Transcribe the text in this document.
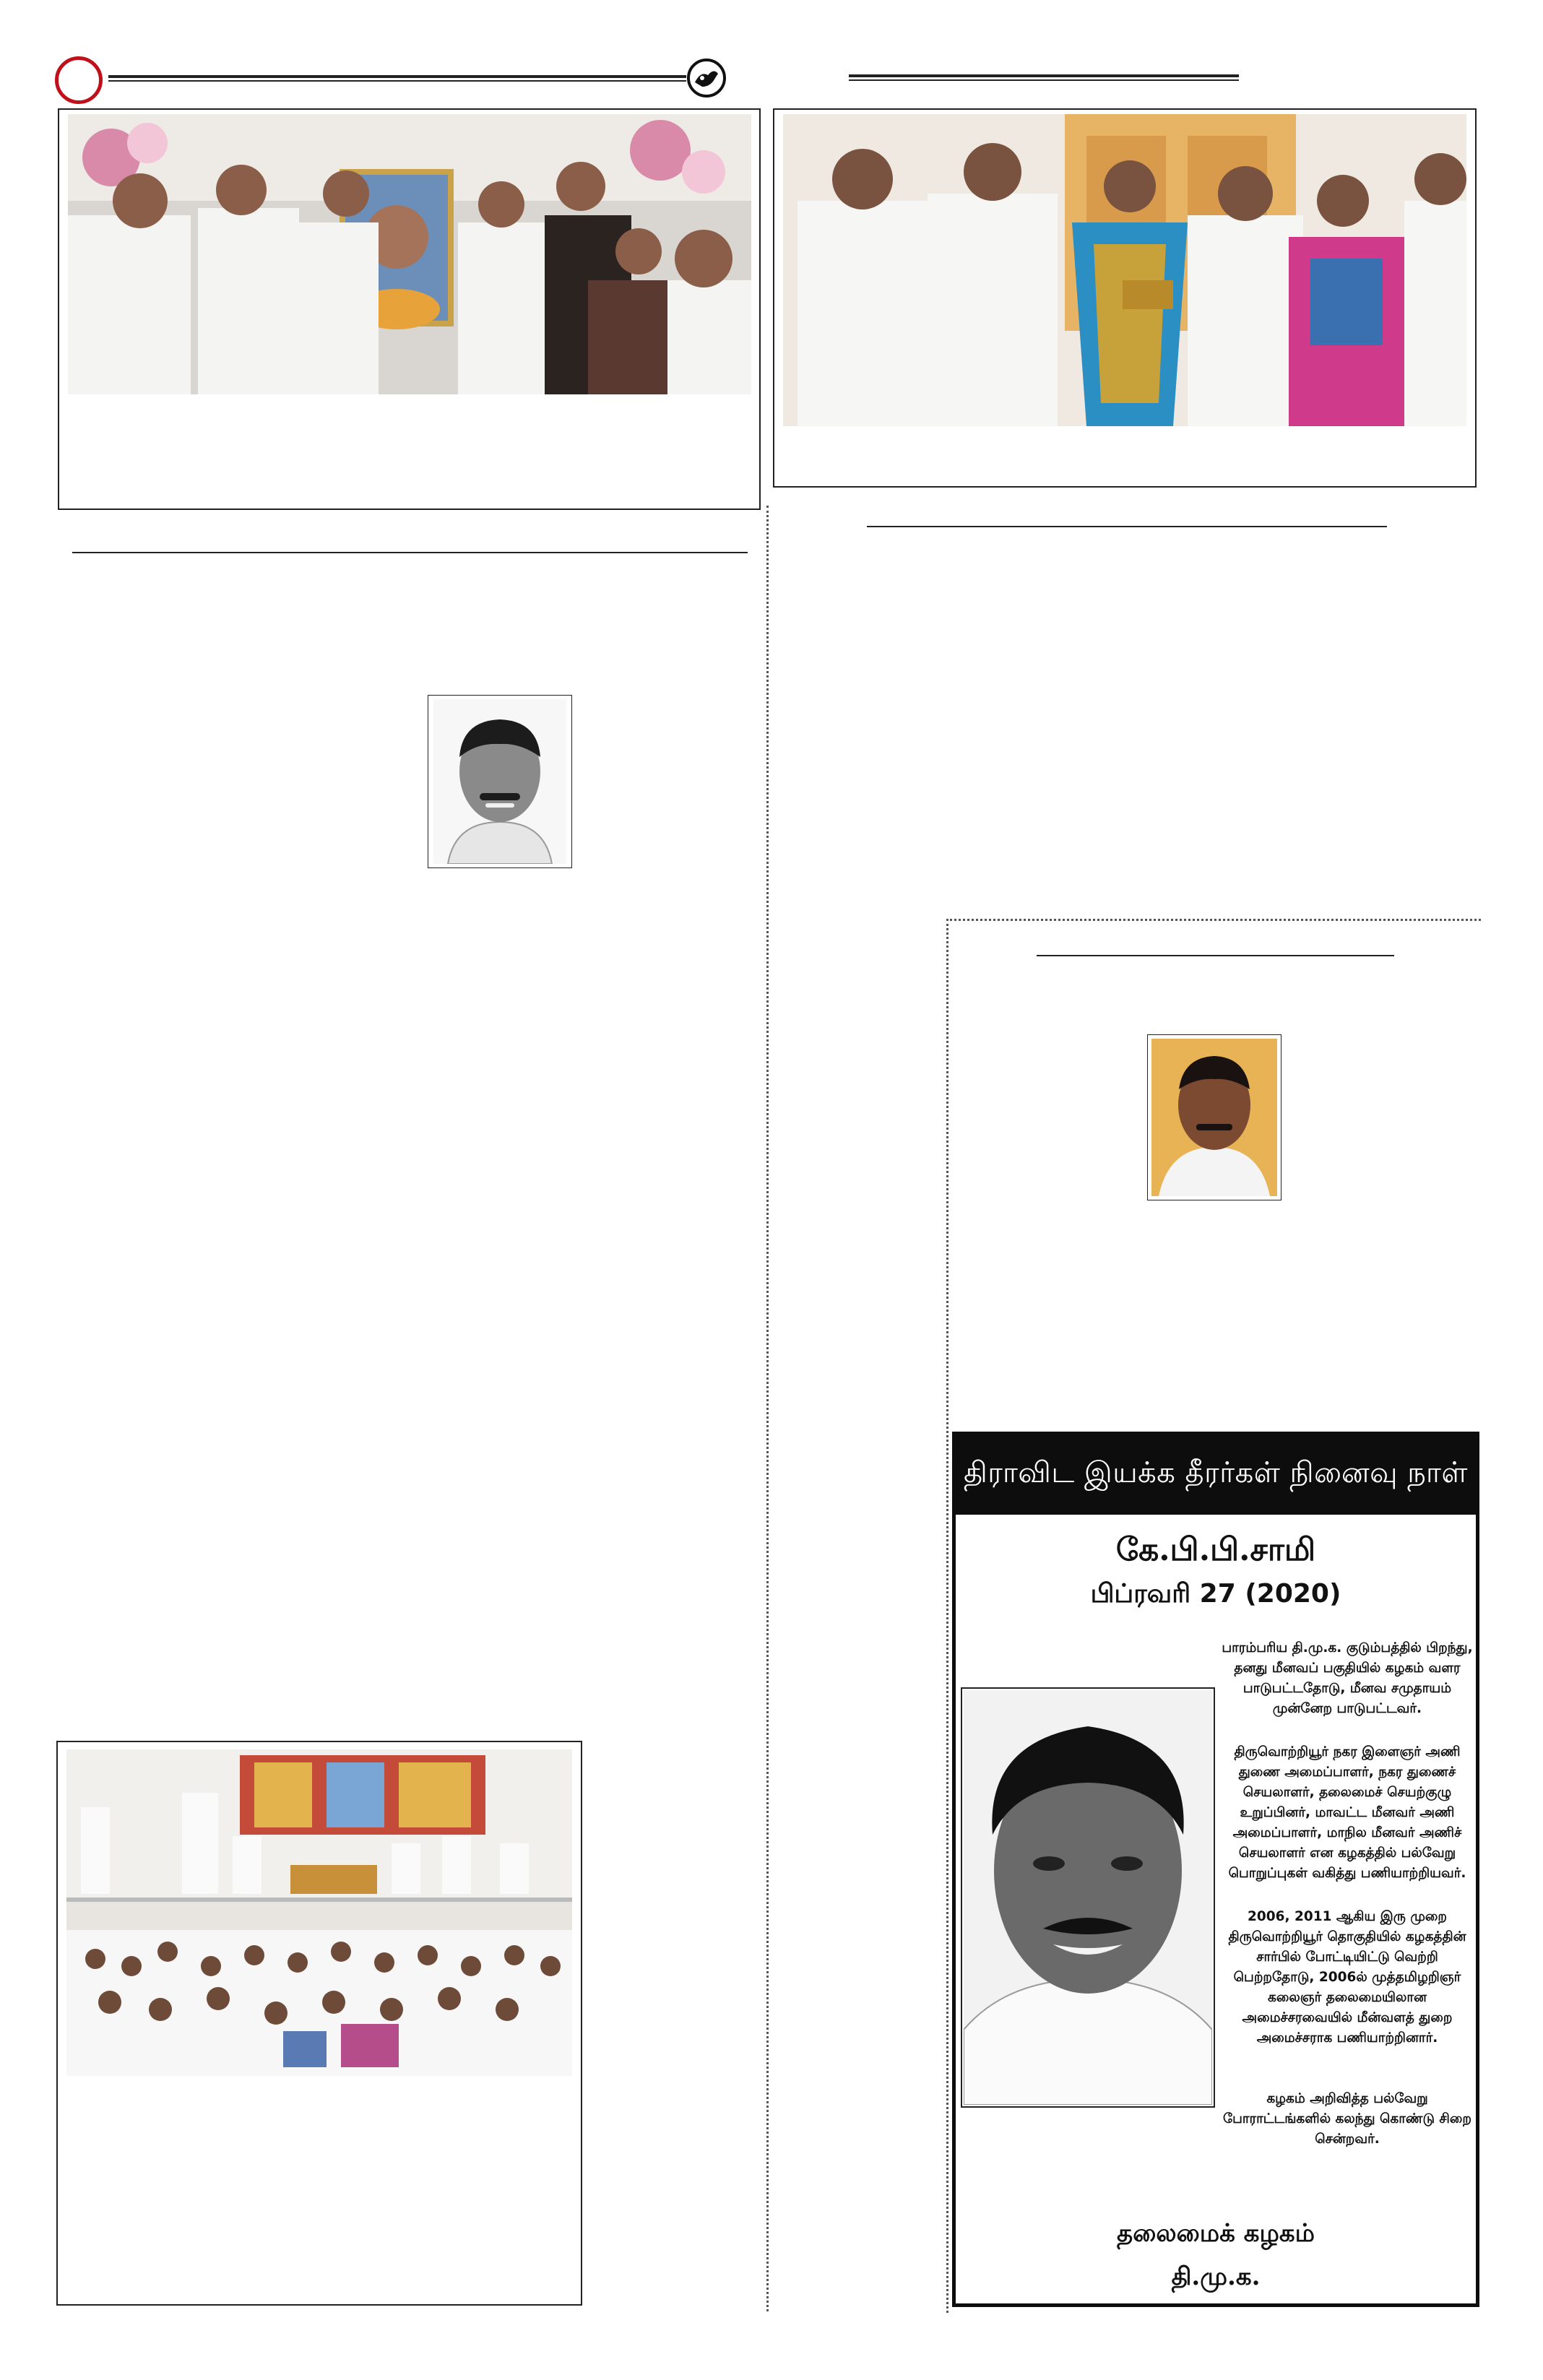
திராவிட இயக்க தீரர்கள் நினைவு நாள்
கே.பி.பி.சாமி
பிப்ரவரி 27 (2020)
பாரம்பரிய தி.மு.க. குடும்பத்தில் பிறந்து, தனது மீனவப் பகுதியில் கழகம் வளர பாடுபட்டதோடு, மீனவ சமுதாயம் முன்னேற பாடுபட்டவர்.
திருவொற்றியூர் நகர இளைஞர் அணி துணை அமைப்பாளர், நகர துணைச் செயலாளர், தலைமைச் செயற்குழு உறுப்பினர், மாவட்ட மீனவர் அணி அமைப்பாளர், மாநில மீனவர் அணிச் செயலாளர் என கழகத்தில் பல்வேறு பொறுப்புகள் வகித்து பணியாற்றியவர்.
2006, 2011 ஆகிய இரு முறை திருவொற்றியூர் தொகுதியில் கழகத்தின் சார்பில் போட்டியிட்டு வெற்றி பெற்றதோடு, 2006ல் முத்தமிழறிஞர் கலைஞர் தலைமையிலான அமைச்சரவையில் மீன்வளத் துறை அமைச்சராக பணியாற்றினார்.
கழகம் அறிவித்த பல்வேறு போராட்டங்களில் கலந்து கொண்டு சிறை சென்றவர்.
தலைமைக் கழகம்
தி.மு.க.
